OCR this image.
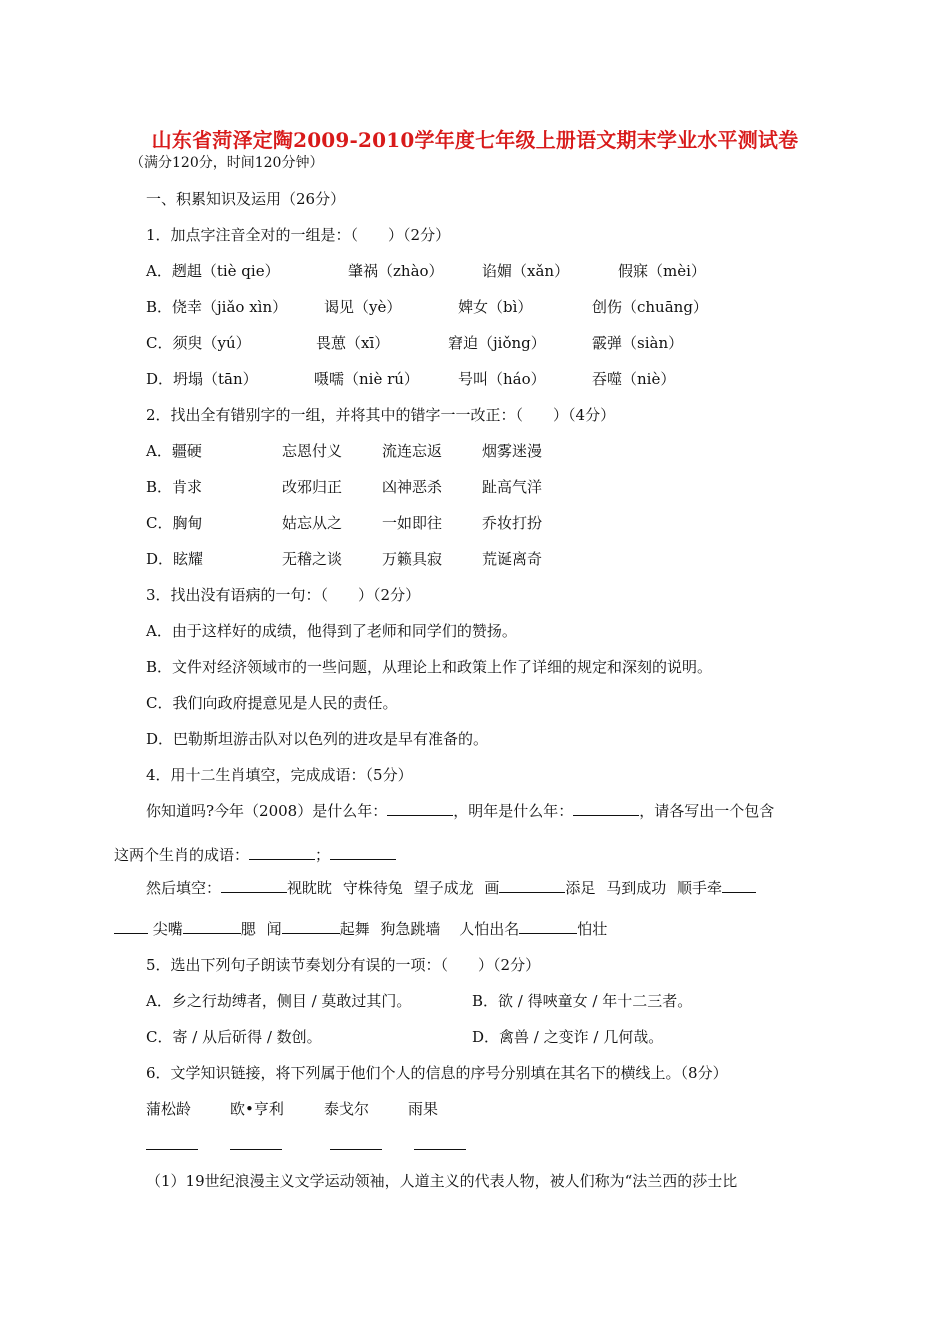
山东省菏泽定陶2009-2010学年度七年级上册语文期末学业水平测试卷
（满分120分，时间120分钟）
一、积累知识及运用（26分）
1．加点字注音全对的一组是：（　　）（2分）
A．趔趄（tiè qie）	肇祸（zhào）	谄媚（xǎn）	假寐（mèi）
B．侥幸（jiǎo xìn） 谒见（yè）	婢女（bì）	创伤（chuāng）
C．须臾（yú）	畏葸（xī）	窘迫（jiǒng）	霰弹（siàn）
D．坍塌（tān）	嗫嚅（niè rú）	号叫（háo）	吞噬（niè）
2．找出全有错别字的一组，并将其中的错字一一改正：（　　）（4分）
A．疆硬	忘恩付义	流连忘返	烟雾迷漫
B．肯求	改邪归正	凶神恶杀	趾高气洋
C．胸甸	姑忘从之	一如即往	乔妆打扮
D．眩耀	无稽之谈	万籁具寂	荒诞离奇
3．找出没有语病的一句：（　　）（2分）
A．由于这样好的成绩，他得到了老师和同学们的赞扬。
B．文件对经济领域市的一些问题，从理论上和政策上作了详细的规定和深刻的说明。
C．我们向政府提意见是人民的责任。
D．巴勒斯坦游击队对以色列的进攻是早有准备的。
4．用十二生肖填空，完成成语：（5分）
你知道吗?今年（2008）是什么年：	，明年是什么年：	，请各写出一个包含
这两个生肖的成语：	；
然后填空：	视眈眈 守株待兔 望子成龙 画	添足 马到成功 顺手牵
尖嘴	腮 闻	起舞 狗急跳墙 人怕出名	怕壮
5．选出下列句子朗读节奏划分有误的一项：（　　）（2分）
A．乡之行劫缚者，侧目 / 莫敢过其门。	B．欲 / 得唊童女 / 年十二三者。
C．寄 / 从后斫得 / 数创。	D．禽兽 / 之变诈 / 几何哉。
6．文学知识链接，将下列属于他们个人的信息的序号分别填在其名下的横线上。（8分）
蒲松龄	欧•亨利	泰戈尔	雨果
（1）19世纪浪漫主义文学运动领袖，人道主义的代表人物，被人们称为“法兰西的莎士比
